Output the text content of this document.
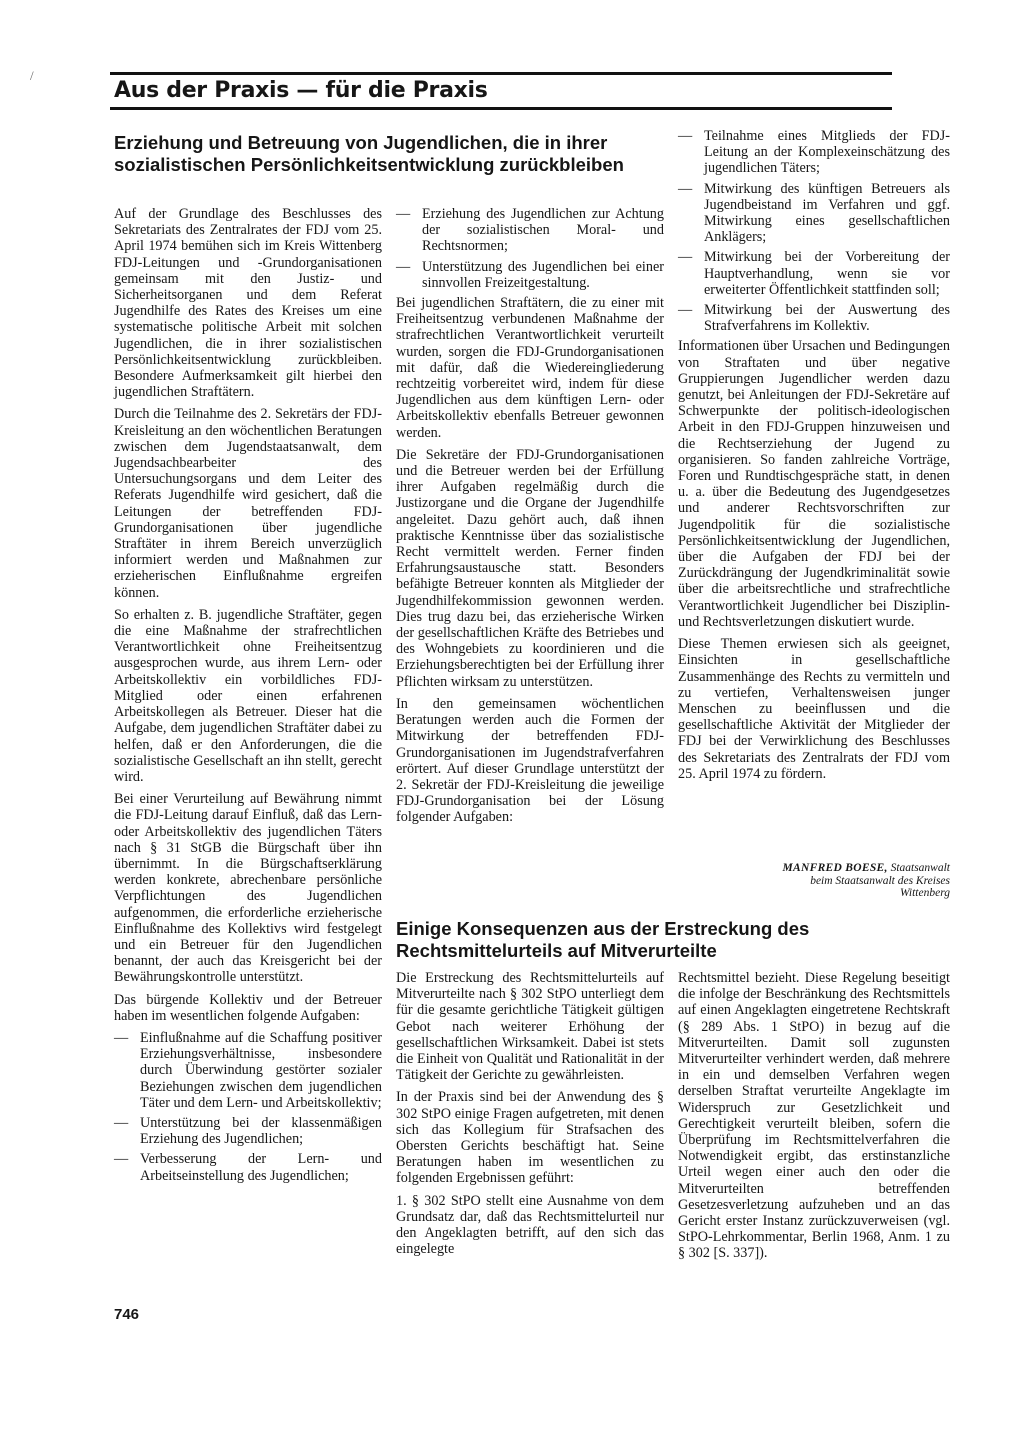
/
Aus der Praxis — für die Praxis
Erziehung und Betreuung von Jugendlichen, die in ihrer sozialistischen Persönlichkeitsentwicklung zurückbleiben

Auf der Grundlage des Beschlusses des Sekretariats des Zentralrates der FDJ vom 25. April 1974 bemühen sich im Kreis Wittenberg FDJ-Leitungen und -Grundorganisationen gemeinsam mit den Justiz- und Sicherheitsorganen und dem Referat Jugendhilfe des Rates des Kreises um eine systematische politische Arbeit mit solchen Jugendlichen, die in ihrer sozialistischen Persönlichkeitsentwicklung zurückbleiben. Besondere Aufmerksamkeit gilt hierbei den jugendlichen Straftätern.

Durch die Teilnahme des 2. Sekretärs der FDJ-Kreisleitung an den wöchentlichen Beratungen zwischen dem Jugendstaatsanwalt, dem Jugendsachbearbeiter des Untersuchungsorgans und dem Leiter des Referats Jugendhilfe wird gesichert, daß die Leitungen der betreffenden FDJ-Grundorganisationen über jugendliche Straftäter in ihrem Bereich unverzüglich informiert werden und Maßnahmen zur erzieherischen Einflußnahme ergreifen können.

So erhalten z. B. jugendliche Straftäter, gegen die eine Maßnahme der strafrechtlichen Verantwortlichkeit ohne Freiheitsentzug ausgesprochen wurde, aus ihrem Lern- oder Arbeitskollektiv ein vorbildliches FDJ-Mitglied oder einen erfahrenen Arbeitskollegen als Betreuer. Dieser hat die Aufgabe, dem jugendlichen Straftäter dabei zu helfen, daß er den Anforderungen, die die sozialistische Gesellschaft an ihn stellt, gerecht wird.

Bei einer Verurteilung auf Bewährung nimmt die FDJ-Leitung darauf Einfluß, daß das Lern- oder Arbeitskollektiv des jugendlichen Täters nach § 31 StGB die Bürgschaft über ihn übernimmt. In die Bürgschaftserklärung werden konkrete, abrechenbare persönliche Verpflichtungen des Jugendlichen aufgenommen, die erforderliche erzieherische Einflußnahme des Kollektivs wird festgelegt und ein Betreuer für den Jugendlichen benannt, der auch das Kreisgericht bei der Bewährungskontrolle unterstützt.

Das bürgende Kollektiv und der Betreuer haben im wesentlichen folgende Aufgaben:

— Einflußnahme auf die Schaffung positiver Erziehungsverhältnisse, insbesondere durch Überwindung gestörter sozialer Beziehungen zwischen dem jugendlichen Täter und dem Lern- und Arbeitskollektiv;
— Unterstützung bei der klassenmäßigen Erziehung des Jugendlichen;
— Verbesserung der Lern- und Arbeitseinstellung des Jugendlichen;
— Erziehung des Jugendlichen zur Achtung der sozialistischen Moral- und Rechtsnormen;
— Unterstützung des Jugendlichen bei einer sinnvollen Freizeitgestaltung.

Bei jugendlichen Straftätern, die zu einer mit Freiheitsentzug verbundenen Maßnahme der strafrechtlichen Verantwortlichkeit verurteilt wurden, sorgen die FDJ-Grundorganisationen mit dafür, daß die Wiedereingliederung rechtzeitig vorbereitet wird, indem für diese Jugendlichen aus dem künftigen Lern- oder Arbeitskollektiv ebenfalls Betreuer gewonnen werden.

Die Sekretäre der FDJ-Grundorganisationen und die Betreuer werden bei der Erfüllung ihrer Aufgaben regelmäßig durch die Justizorgane und die Organe der Jugendhilfe angeleitet. Dazu gehört auch, daß ihnen praktische Kenntnisse über das sozialistische Recht vermittelt werden. Ferner finden Erfahrungsaustausche statt. Besonders befähigte Betreuer konnten als Mitglieder der Jugendhilfekommission gewonnen werden. Dies trug dazu bei, das erzieherische Wirken der gesellschaftlichen Kräfte des Betriebes und des Wohngebiets zu koordinieren und die Erziehungsberechtigten bei der Erfüllung ihrer Pflichten wirksam zu unterstützen.

In den gemeinsamen wöchentlichen Beratungen werden auch die Formen der Mitwirkung der betreffenden FDJ-Grundorganisationen im Jugendstrafverfahren erörtert. Auf dieser Grundlage unterstützt der 2. Sekretär der FDJ-Kreisleitung die jeweilige FDJ-Grundorganisation bei der Lösung folgender Aufgaben:

— Teilnahme eines Mitglieds der FDJ-Leitung an der Komplexeinschätzung des jugendlichen Täters;
— Mitwirkung des künftigen Betreuers als Jugendbeistand im Verfahren und ggf. Mitwirkung eines gesellschaftlichen Anklägers;
— Mitwirkung bei der Vorbereitung der Hauptverhandlung, wenn sie vor erweiterter Öffentlichkeit stattfinden soll;
— Mitwirkung bei der Auswertung des Strafverfahrens im Kollektiv.

Informationen über Ursachen und Bedingungen von Straftaten und über negative Gruppierungen Jugendlicher werden dazu genutzt, bei Anleitungen der FDJ-Sekretäre auf Schwerpunkte der politisch-ideologischen Arbeit in den FDJ-Gruppen hinzuweisen und die Rechtserziehung der Jugend zu organisieren. So fanden zahlreiche Vorträge, Foren und Rundtischgespräche statt, in denen u. a. über die Bedeutung des Jugendgesetzes und anderer Rechtsvorschriften zur Jugendpolitik für die sozialistische Persönlichkeitsentwicklung der Jugendlichen, über die Aufgaben der FDJ bei der Zurückdrängung der Jugendkriminalität sowie über die arbeitsrechtliche und strafrechtliche Verantwortlichkeit Jugendlicher bei Disziplin- und Rechtsverletzungen diskutiert wurde.

Diese Themen erwiesen sich als geeignet, Einsichten in gesellschaftliche Zusammenhänge des Rechts zu vermitteln und zu vertiefen, Verhaltensweisen junger Menschen zu beeinflussen und die gesellschaftliche Aktivität der Mitglieder der FDJ bei der Verwirklichung des Beschlusses des Sekretariats des Zentralrats der FDJ vom 25. April 1974 zu fördern.

MANFRED BOESE, Staatsanwalt
beim Staatsanwalt des Kreises
Wittenberg
Einige Konsequenzen aus der Erstreckung des Rechtsmittelurteils auf Mitverurteilte

Die Erstreckung des Rechtsmittelurteils auf Mitverurteilte nach § 302 StPO unterliegt dem für die gesamte gerichtliche Tätigkeit gültigen Gebot nach weiterer Erhöhung der gesellschaftlichen Wirksamkeit. Dabei ist stets die Einheit von Qualität und Rationalität in der Tätigkeit der Gerichte zu gewährleisten.

In der Praxis sind bei der Anwendung des § 302 StPO einige Fragen aufgetreten, mit denen sich das Kollegium für Strafsachen des Obersten Gerichts beschäftigt hat. Seine Beratungen haben im wesentlichen zu folgenden Ergebnissen geführt:

1. § 302 StPO stellt eine Ausnahme von dem Grundsatz dar, daß das Rechtsmittelurteil nur den Angeklagten betrifft, auf den sich das eingelegte

Rechtsmittel bezieht. Diese Regelung beseitigt die infolge der Beschränkung des Rechtsmittels auf einen Angeklagten eingetretene Rechtskraft (§ 289 Abs. 1 StPO) in bezug auf die Mitverurteilten. Damit soll zugunsten Mitverurteilter verhindert werden, daß mehrere in ein und demselben Verfahren wegen derselben Straftat verurteilte Angeklagte im Widerspruch zur Gesetzlichkeit und Gerechtigkeit verurteilt bleiben, sofern die Überprüfung im Rechtsmittelverfahren die Notwendigkeit ergibt, das erstinstanzliche Urteil wegen einer auch den oder die Mitverurteilten betreffenden Gesetzesverletzung aufzuheben und an das Gericht erster Instanz zurückzuverweisen (vgl. StPO-Lehrkommentar, Berlin 1968, Anm. 1 zu § 302 [S. 337]).

746
